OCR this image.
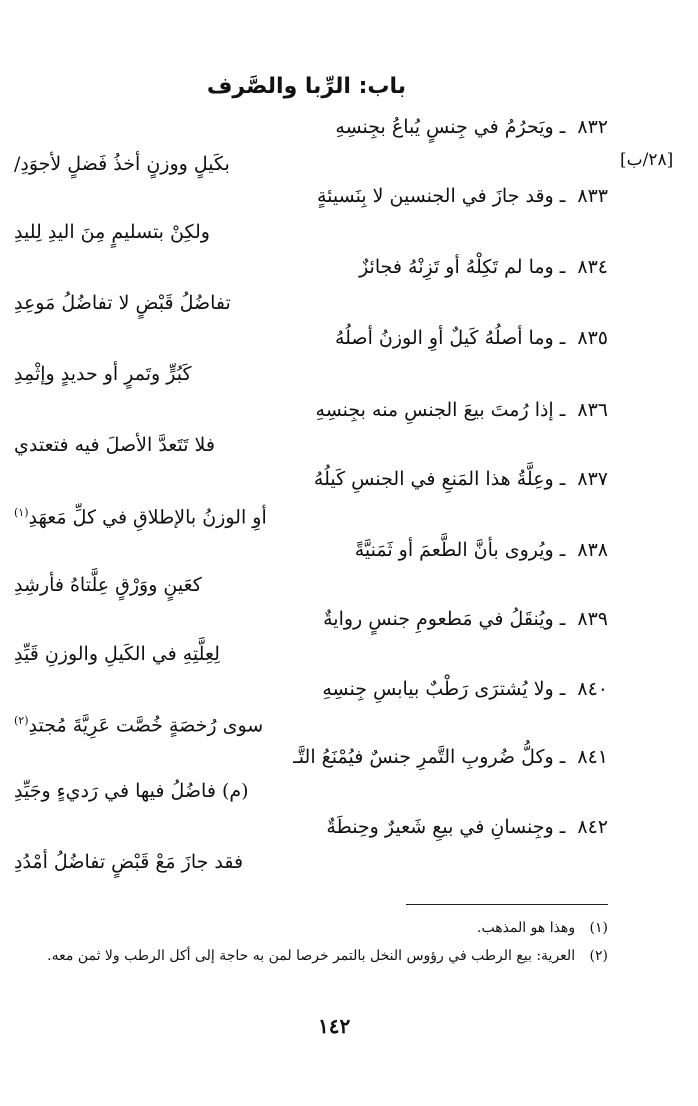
باب: الرِّبا والصَّرف
[٢٨/ب]
٨٣٢ ـ ويَحرُمُ في جِنسٍ يُباعُ بجِنسِهِ
بكَيلٍ ووزنٍ أخذُ فَضلٍ لأجوَدِ/
٨٣٣ ـ وقد جازَ في الجنسين لا بِنَسيئةٍ
ولكِنْ بتسليمٍ مِنَ اليدِ لِليدِ
٨٣٤ ـ وما لم تَكِلْهُ أو تَزِنْهُ فجائزٌ
تفاضُلُ قَبْضٍ لا تفاضُلُ مَوعِدِ
٨٣٥ ـ وما أصلُهُ كَيلٌ أوِ الوزنُ أصلُهُ
كَبُرٍّ وتَمرٍ أو حديدٍ وإثْمِدِ
٨٣٦ ـ إذا رُمتَ بيعَ الجنسِ منه بجِنسِهِ
فلا تَتَعدَّ الأصلَ فيه فتعتدي
٨٣٧ ـ وعِلَّةُ هذا المَنعِ في الجنسِ كَيلُهُ
أوِ الوزنُ بالإطلاقِ في كلِّ مَعهَدِ$^{(١)}$
٨٣٨ ـ ويُروى بأنَّ الطَّعمَ أو ثَمَنيَّةً
كعَينٍ ووَرْقٍ عِلَّتاهُ فأرشِدِ
٨٣٩ ـ ويُنقَلُ في مَطعومِ جنسٍ روايةٌ
لِعِلَّتِهِ في الكَيلِ والوزنِ قَيِّدِ
٨٤٠ ـ ولا يُشترَى رَطْبٌ بيابسِ جِنسِهِ
سوى رُخصَةٍ خُصَّت عَرِيَّةَ مُجتدِ$^{(٢)}$
٨٤١ ـ وكلُّ ضُروبِ التَّمرِ جنسٌ فيُمْنَعُ التَّـ
(م) فاضُلُ فيها في رَديءٍ وجَيِّدِ
٨٤٢ ـ وجِنسانِ في بيعِ شَعيرٌ وحِنطَةٌ
فقد جازَ مَعْ قَبْضٍ تفاضُلُ أمْدُدِ
(١) وهذا هو المذهب.
(٢) العرية: بيع الرطب في رؤوس النخل بالتمر خرصا لمن به حاجة إلى أكل الرطب ولا ثمن معه.
١٤٢
